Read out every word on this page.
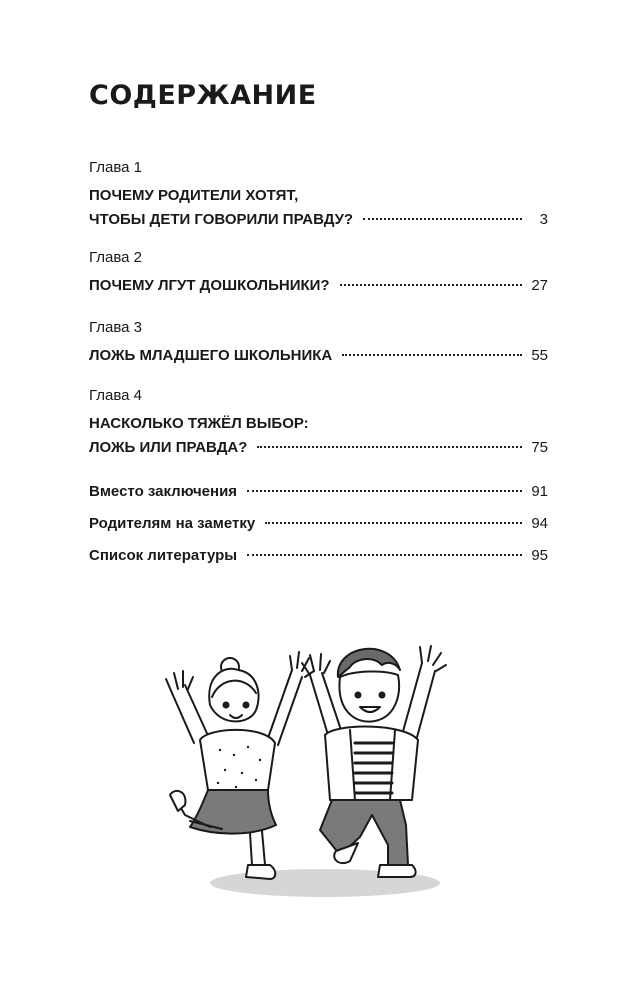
СОДЕРЖАНИЕ
Глава 1
ПОЧЕМУ РОДИТЕЛИ ХОТЯТ,
ЧТОБЫ ДЕТИ ГОВОРИЛИ ПРАВДУ?	3
Глава 2
ПОЧЕМУ ЛГУТ ДОШКОЛЬНИКИ?	27
Глава 3
ЛОЖЬ МЛАДШЕГО ШКОЛЬНИКА	55
Глава 4
НАСКОЛЬКО ТЯЖЁЛ ВЫБОР:
ЛОЖЬ ИЛИ ПРАВДА?	75
Вместо заключения	91
Родителям на заметку	94
Список литературы	95
